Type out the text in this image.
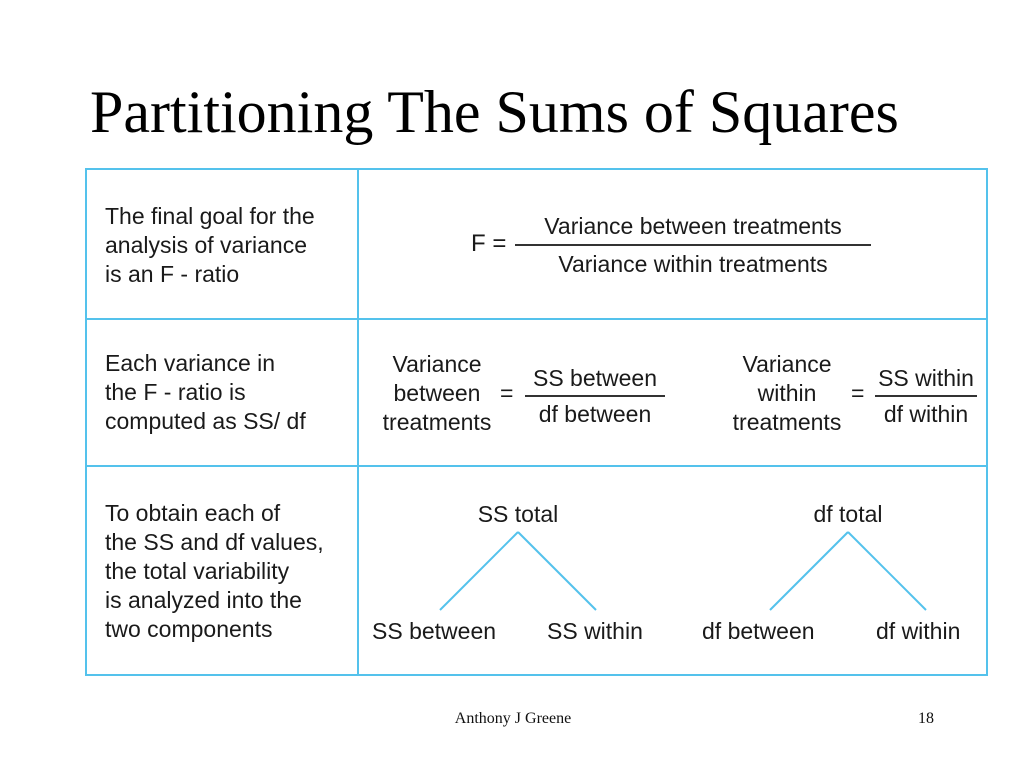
Partitioning The Sums of Squares
The final goal for the
analysis of variance
is an F - ratio
F =
Variance between treatments
Variance within treatments
Each variance in
the F - ratio is
computed as SS/ df
Variance
between
treatments
=
SS between
df between
Variance
within
treatments
=
SS within
df within
To obtain each of
the SS and df values,
the total variability
is analyzed into the
two components
SS total
SS between SS within
df total
df between	df within
Anthony J Greene	18
